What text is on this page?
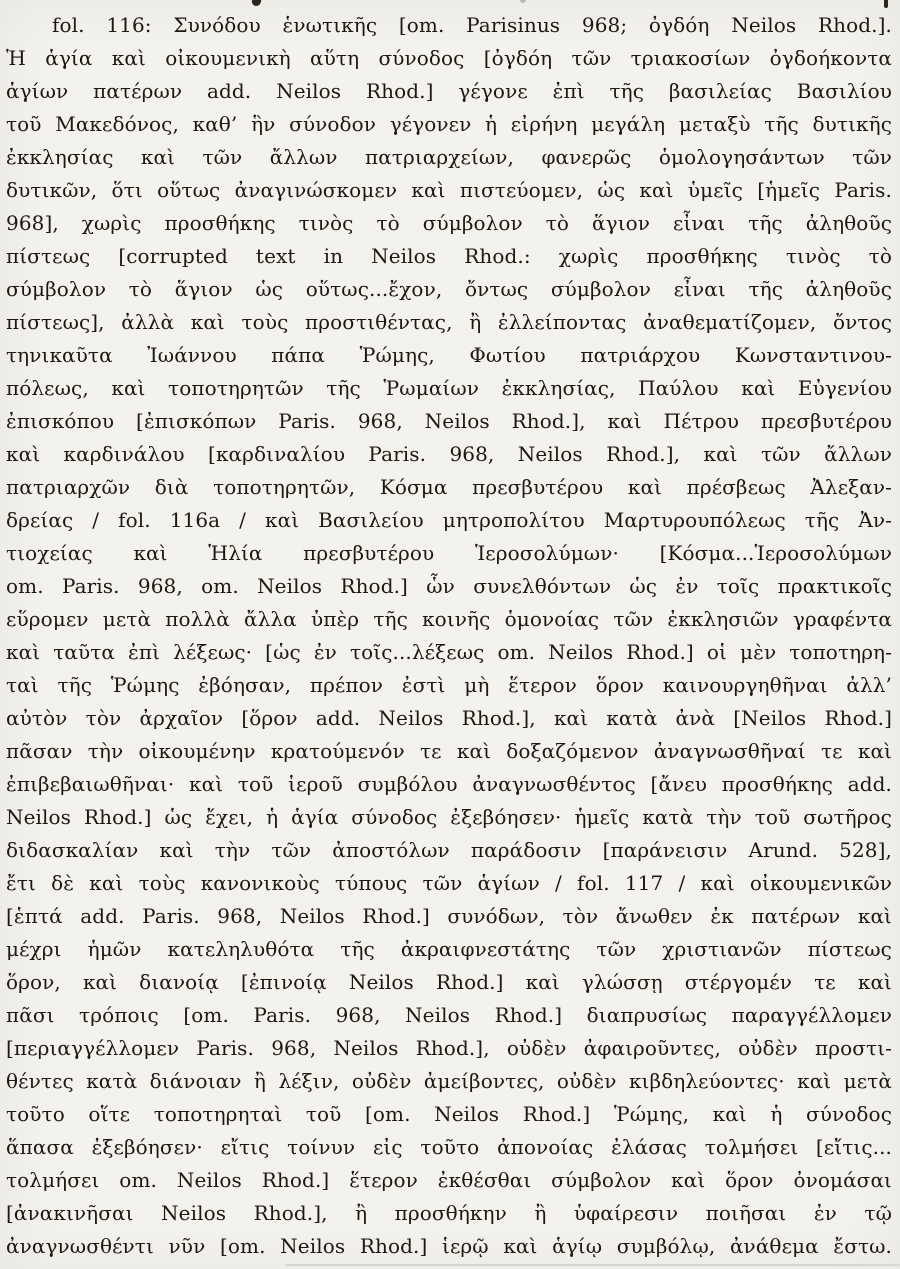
fol. 116: Συνόδου ἑνωτικῆς [om. Parisinus 968; ὀγδόη Neilos Rhod.].
Ἡ ἁγία καὶ οἰκουμενικὴ αὕτη σύνοδος [ὀγδόη τῶν τριακοσίων ὀγδοήκοντα
ἁγίων πατέρων add. Neilos Rhod.] γέγονε ἐπὶ τῆς βασιλείας Βασιλίου
τοῦ Μακεδόνος, καθ’ ἣν σύνοδον γέγονεν ἡ εἰρήνη μεγάλη μεταξὺ τῆς δυτικῆς
ἐκκλησίας καὶ τῶν ἄλλων πατριαρχείων, φανερῶς ὁμολογησάντων τῶν
δυτικῶν, ὅτι οὕτως ἀναγινώσκομεν καὶ πιστεύομεν, ὡς καὶ ὑμεῖς [ἡμεῖς Paris.
968], χωρὶς προσθήκης τινὸς τὸ σύμβολον τὸ ἅγιον εἶναι τῆς ἀληθοῦς
πίστεως [corrupted text in Neilos Rhod.: χωρὶς προσθήκης τινὸς τὸ
σύμβολον τὸ ἅγιον ὡς οὕτως...ἔχον, ὄντως σύμβολον εἶναι τῆς ἀληθοῦς
πίστεως], ἀλλὰ καὶ τοὺς προστιθέντας, ἢ ἐλλείποντας ἀναθεματίζομεν, ὄντος
τηνικαῦτα Ἰωάννου πάπα Ῥώμης, Φωτίου πατριάρχου Κωνσταντινου-
πόλεως, καὶ τοποτηρητῶν τῆς Ῥωμαίων ἐκκλησίας, Παύλου καὶ Εὐγενίου
ἐπισκόπου [ἐπισκόπων Paris. 968, Neilos Rhod.], καὶ Πέτρου πρεσβυτέρου
καὶ καρδινάλου [καρδιναλίου Paris. 968, Neilos Rhod.], καὶ τῶν ἄλλων
πατριαρχῶν διὰ τοποτηρητῶν, Κόσμα πρεσβυτέρου καὶ πρέσβεως Ἀλεξαν-
δρείας / fol. 116a / καὶ Βασιλείου μητροπολίτου Μαρτυρουπόλεως τῆς Ἀν-
τιοχείας καὶ Ἡλία πρεσβυτέρου Ἱεροσολύμων· [Κόσμα...Ἱεροσολύμων
om. Paris. 968, om. Neilos Rhod.] ὧν συνελθόντων ὡς ἐν τοῖς πρακτικοῖς
εὕρομεν μετὰ πολλὰ ἄλλα ὑπὲρ τῆς κοινῆς ὁμονοίας τῶν ἐκκλησιῶν γραφέντα
καὶ ταῦτα ἐπὶ λέξεως· [ὡς ἐν τοῖς...λέξεως om. Neilos Rhod.] οἱ μὲν τοποτηρη-
ταὶ τῆς Ῥώμης ἐβόησαν, πρέπον ἐστὶ μὴ ἕτερον ὅρον καινουργηθῆναι ἀλλ’
αὐτὸν τὸν ἀρχαῖον [ὅρον add. Neilos Rhod.], καὶ κατὰ ἀνὰ [Neilos Rhod.]
πᾶσαν τὴν οἰκουμένην κρατούμενόν τε καὶ δοξαζόμενον ἀναγνωσθῆναί τε καὶ
ἐπιβεβαιωθῆναι· καὶ τοῦ ἱεροῦ συμβόλου ἀναγνωσθέντος [ἄνευ προσθήκης add.
Neilos Rhod.] ὡς ἔχει, ἡ ἁγία σύνοδος ἐξεβόησεν· ἡμεῖς κατὰ τὴν τοῦ σωτῆρος
διδασκαλίαν καὶ τὴν τῶν ἀποστόλων παράδοσιν [παράνεισιν Arund. 528],
ἔτι δὲ καὶ τοὺς κανονικοὺς τύπους τῶν ἁγίων / fol. 117 / καὶ οἰκουμενικῶν
[ἑπτά add. Paris. 968, Neilos Rhod.] συνόδων, τὸν ἄνωθεν ἐκ πατέρων καὶ
μέχρι ἡμῶν κατεληλυθότα τῆς ἀκραιφνεστάτης τῶν χριστιανῶν πίστεως
ὅρον, καὶ διανοίᾳ [ἐπινοίᾳ Neilos Rhod.] καὶ γλώσσῃ στέργομέν τε καὶ
πᾶσι τρόποις [om. Paris. 968, Neilos Rhod.] διαπρυσίως παραγγέλλομεν
[περιαγγέλλομεν Paris. 968, Neilos Rhod.], οὐδὲν ἀφαιροῦντες, οὐδὲν προστι-
θέντες κατὰ διάνοιαν ἢ λέξιν, οὐδὲν ἀμείβοντες, οὐδὲν κιβδηλεύοντες· καὶ μετὰ
τοῦτο οἵτε τοποτηρηταὶ τοῦ [om. Neilos Rhod.] Ῥώμης, καὶ ἡ σύνοδος
ἅπασα ἐξεβόησεν· εἴτις τοίνυν εἰς τοῦτο ἀπονοίας ἐλάσας τολμήσει [εἴτις...
τολμήσει om. Neilos Rhod.] ἕτερον ἐκθέσθαι σύμβολον καὶ ὅρον ὀνομάσαι
[ἀνακινῆσαι Neilos Rhod.], ἢ προσθήκην ἢ ὑφαίρεσιν ποιῆσαι ἐν τῷ
ἀναγνωσθέντι νῦν [om. Neilos Rhod.] ἱερῷ καὶ ἁγίῳ συμβόλῳ, ἀνάθεμα ἔστω.
